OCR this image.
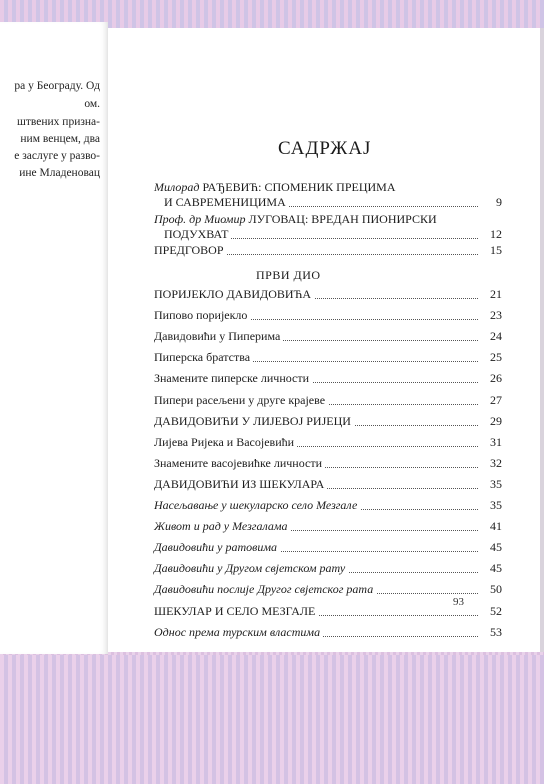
ра у Београду. Од
ом.
штвених призна-
ним венцем, два
е заслуге у разво-
ине Младеновац
САДРЖАЈ
Милорад РАЂЕВИЋ: СПОМЕНИК ПРЕЦИМА
И САВРЕМЕНИЦИМА	9
Проф. др Миомир ЛУГОВАЦ: ВРЕДАН ПИОНИРСКИ
ПОДУХВАТ	12
ПРЕДГОВОР	15
ПРВИ ДИО
ПОРИЈЕКЛО ДАВИДОВИЋА	21
Пипово поријекло	23
Давидовићи у Пиперима	24
Пиперска братства	25
Знамените пиперске личности	26
Пипери расељени у друге крајеве	27
ДАВИДОВИЋИ У ЛИЈЕВОЈ РИЈЕЦИ	29
Лијева Ријека и Васојевићи	31
Знамените васојевићке личности	32
ДАВИДОВИЋИ ИЗ ШЕКУЛАРА	35
Насељавање у шекуларско село Мезгале	35
Живот и рад у Мезгалама	41
Давидовићи у ратовима	45
Давидовићи у Другом свјетском рату	45
Давидовићи послије Другог свјетског рата	50
ШЕКУЛАР И СЕЛО МЕЗГАЛЕ	52
Однос према турским властима	53
93
